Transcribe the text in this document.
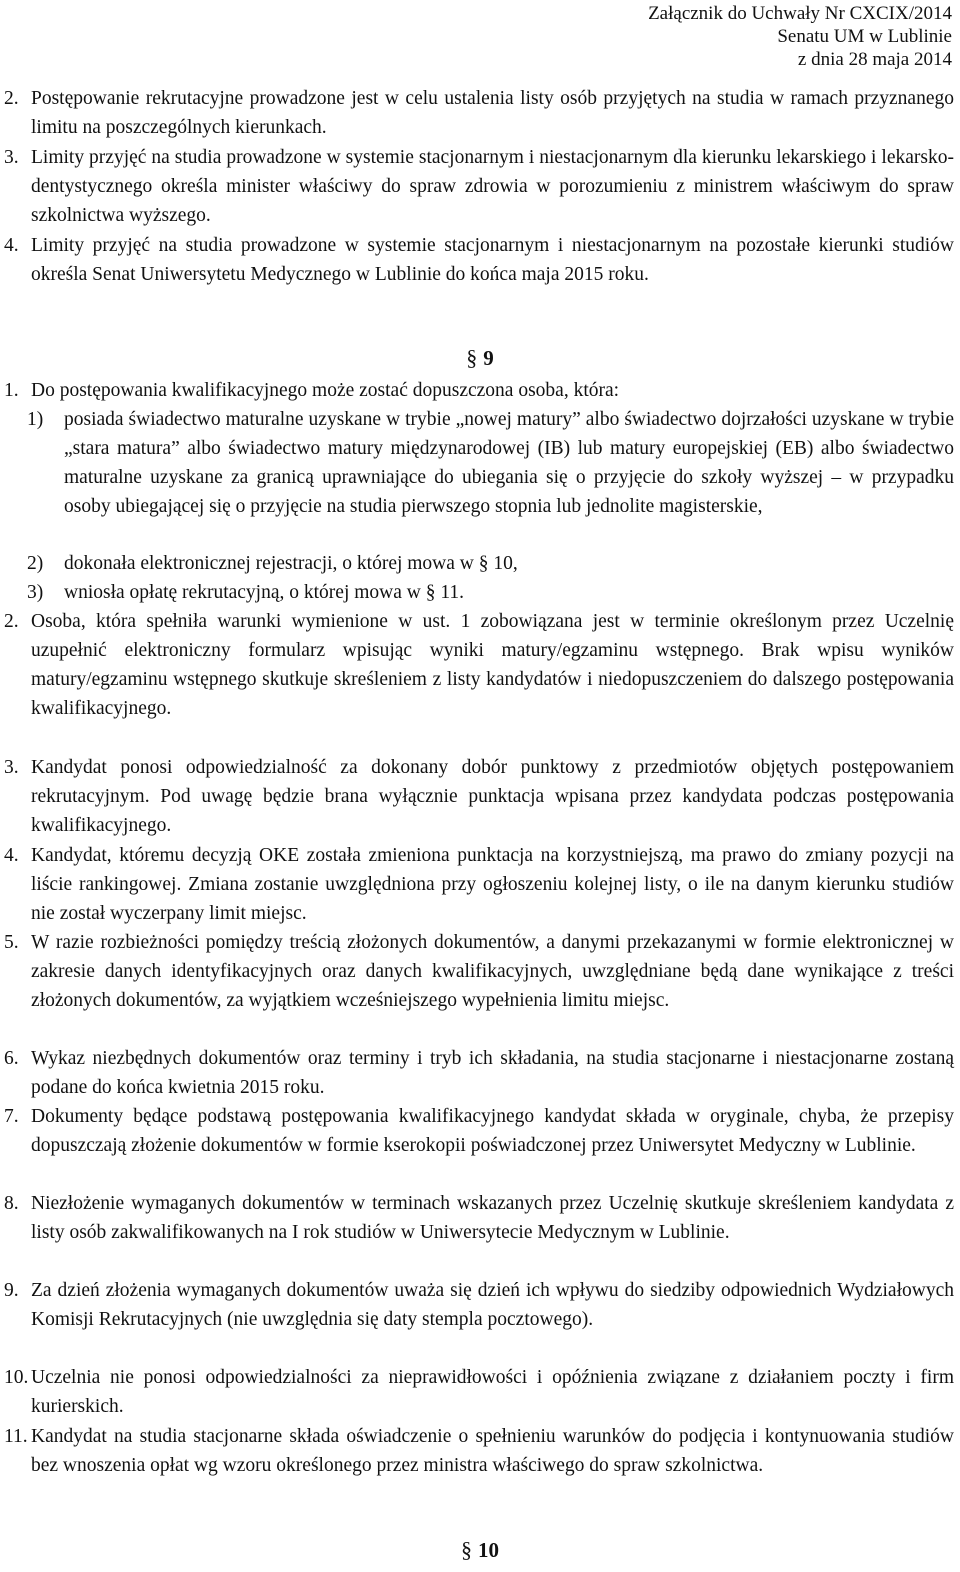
Załącznik do Uchwały Nr CXCIX/2014
Senatu UM w Lublinie
z dnia 28 maja 2014
2. Postępowanie rekrutacyjne prowadzone jest w celu ustalenia listy osób przyjętych na studia w ramach przyznanego limitu na poszczególnych kierunkach.
3. Limity przyjęć na studia prowadzone w systemie stacjonarnym i niestacjonarnym dla kierunku lekarskiego i lekarsko-dentystycznego określa minister właściwy do spraw zdrowia w porozumieniu z ministrem właściwym do spraw szkolnictwa wyższego.
4. Limity przyjęć na studia prowadzone w systemie stacjonarnym i niestacjonarnym na pozostałe kierunki studiów określa Senat Uniwersytetu Medycznego w Lublinie do końca maja 2015 roku.
§ 9
1. Do postępowania kwalifikacyjnego może zostać dopuszczona osoba, która:
1) posiada świadectwo maturalne uzyskane w trybie „nowej matury” albo świadectwo dojrzałości uzyskane w trybie „stara matura” albo świadectwo matury międzynarodowej (IB) lub matury europejskiej (EB) albo świadectwo maturalne uzyskane za granicą uprawniające do ubiegania się o przyjęcie do szkoły wyższej – w przypadku osoby ubiegającej się o przyjęcie na studia pierwszego stopnia lub jednolite magisterskie,
2) dokonała elektronicznej rejestracji, o której mowa w § 10,
3) wniosła opłatę rekrutacyjną, o której mowa w § 11.
2. Osoba, która spełniła warunki wymienione w ust. 1 zobowiązana jest w terminie określonym przez Uczelnię uzupełnić elektroniczny formularz wpisując wyniki matury/egzaminu wstępnego. Brak wpisu wyników matury/egzaminu wstępnego skutkuje skreśleniem z listy kandydatów i niedopuszczeniem do dalszego postępowania kwalifikacyjnego.
3. Kandydat ponosi odpowiedzialność za dokonany dobór punktowy z przedmiotów objętych postępowaniem rekrutacyjnym. Pod uwagę będzie brana wyłącznie punktacja wpisana przez kandydata podczas postępowania kwalifikacyjnego.
4. Kandydat, któremu decyzją OKE została zmieniona punktacja na korzystniejszą, ma prawo do zmiany pozycji na liście rankingowej. Zmiana zostanie uwzględniona przy ogłoszeniu kolejnej listy, o ile na danym kierunku studiów nie został wyczerpany limit miejsc.
5. W razie rozbieżności pomiędzy treścią złożonych dokumentów, a danymi przekazanymi w formie elektronicznej w zakresie danych identyfikacyjnych oraz danych kwalifikacyjnych, uwzględniane będą dane wynikające z treści złożonych dokumentów, za wyjątkiem wcześniejszego wypełnienia limitu miejsc.
6. Wykaz niezbędnych dokumentów oraz terminy i tryb ich składania, na studia stacjonarne i niestacjonarne zostaną podane do końca kwietnia 2015 roku.
7. Dokumenty będące podstawą postępowania kwalifikacyjnego kandydat składa w oryginale, chyba, że przepisy dopuszczają złożenie dokumentów w formie kserokopii poświadczonej przez Uniwersytet Medyczny w Lublinie.
8. Niezłożenie wymaganych dokumentów w terminach wskazanych przez Uczelnię skutkuje skreśleniem kandydata z listy osób zakwalifikowanych na I rok studiów w Uniwersytecie Medycznym w Lublinie.
9. Za dzień złożenia wymaganych dokumentów uważa się dzień ich wpływu do siedziby odpowiednich Wydziałowych Komisji Rekrutacyjnych (nie uwzględnia się daty stempla pocztowego).
10. Uczelnia nie ponosi odpowiedzialności za nieprawidłowości i opóźnienia związane z działaniem poczty i firm kurierskich.
11. Kandydat na studia stacjonarne składa oświadczenie o spełnieniu warunków do podjęcia i kontynuowania studiów bez wnoszenia opłat wg wzoru określonego przez ministra właściwego do spraw szkolnictwa.
§ 10
